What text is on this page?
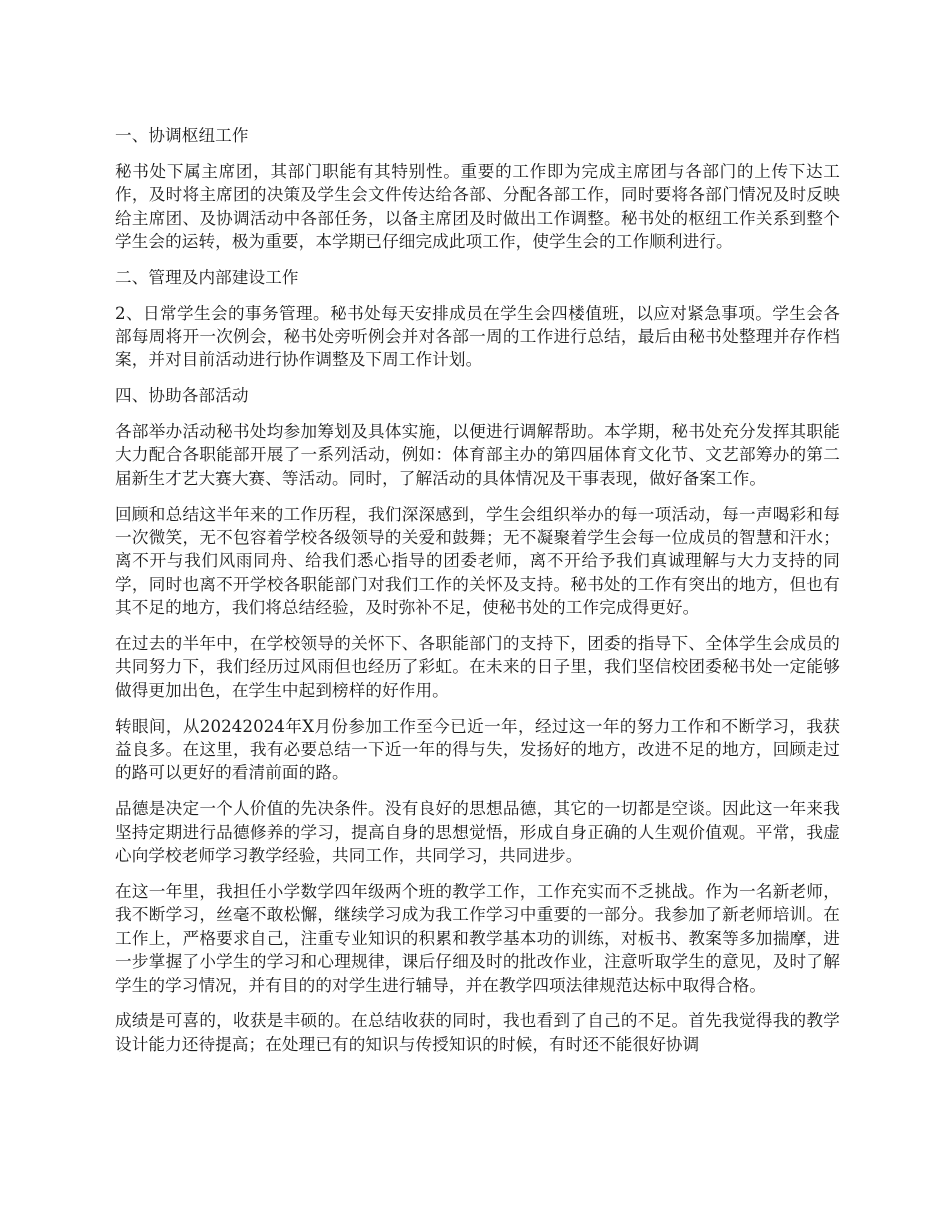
一、协调枢纽工作

秘书处下属主席团，其部门职能有其特别性。重要的工作即为完成主席团与各部门的上传下达工作，及时将主席团的决策及学生会文件传达给各部、分配各部工作，同时要将各部门情况及时反映给主席团、及协调活动中各部任务，以备主席团及时做出工作调整。秘书处的枢纽工作关系到整个学生会的运转，极为重要，本学期已仔细完成此项工作，使学生会的工作顺利进行。

二、管理及内部建设工作

2、日常学生会的事务管理。秘书处每天安排成员在学生会四楼值班，以应对紧急事项。学生会各部每周将开一次例会，秘书处旁听例会并对各部一周的工作进行总结，最后由秘书处整理并存作档案，并对目前活动进行协作调整及下周工作计划。

四、协助各部活动

各部举办活动秘书处均参加筹划及具体实施，以便进行调解帮助。本学期，秘书处充分发挥其职能大力配合各职能部开展了一系列活动，例如：体育部主办的第四届体育文化节、文艺部筹办的第二届新生才艺大赛大赛、等活动。同时，了解活动的具体情况及干事表现，做好备案工作。

回顾和总结这半年来的工作历程，我们深深感到，学生会组织举办的每一项活动，每一声喝彩和每一次微笑，无不包容着学校各级领导的关爱和鼓舞；无不凝聚着学生会每一位成员的智慧和汗水；离不开与我们风雨同舟、给我们悉心指导的团委老师，离不开给予我们真诚理解与大力支持的同学，同时也离不开学校各职能部门对我们工作的关怀及支持。秘书处的工作有突出的地方，但也有其不足的地方，我们将总结经验，及时弥补不足，使秘书处的工作完成得更好。

在过去的半年中，在学校领导的关怀下、各职能部门的支持下，团委的指导下、全体学生会成员的共同努力下，我们经历过风雨但也经历了彩虹。在未来的日子里，我们坚信校团委秘书处一定能够做得更加出色，在学生中起到榜样的好作用。

转眼间，从20242024年X月份参加工作至今已近一年，经过这一年的努力工作和不断学习，我获益良多。在这里，我有必要总结一下近一年的得与失，发扬好的地方，改进不足的地方，回顾走过的路可以更好的看清前面的路。

品德是决定一个人价值的先决条件。没有良好的思想品德，其它的一切都是空谈。因此这一年来我坚持定期进行品德修养的学习，提高自身的思想觉悟，形成自身正确的人生观价值观。平常，我虚心向学校老师学习教学经验，共同工作，共同学习，共同进步。

在这一年里，我担任小学数学四年级两个班的教学工作，工作充实而不乏挑战。作为一名新老师，我不断学习，丝毫不敢松懈，继续学习成为我工作学习中重要的一部分。我参加了新老师培训。在工作上，严格要求自己，注重专业知识的积累和教学基本功的训练，对板书、教案等多加揣摩，进一步掌握了小学生的学习和心理规律，课后仔细及时的批改作业，注意听取学生的意见，及时了解学生的学习情况，并有目的的对学生进行辅导，并在教学四项法律规范达标中取得合格。

成绩是可喜的，收获是丰硕的。在总结收获的同时，我也看到了自己的不足。首先我觉得我的教学设计能力还待提高；在处理已有的知识与传授知识的时候，有时还不能很好协调
